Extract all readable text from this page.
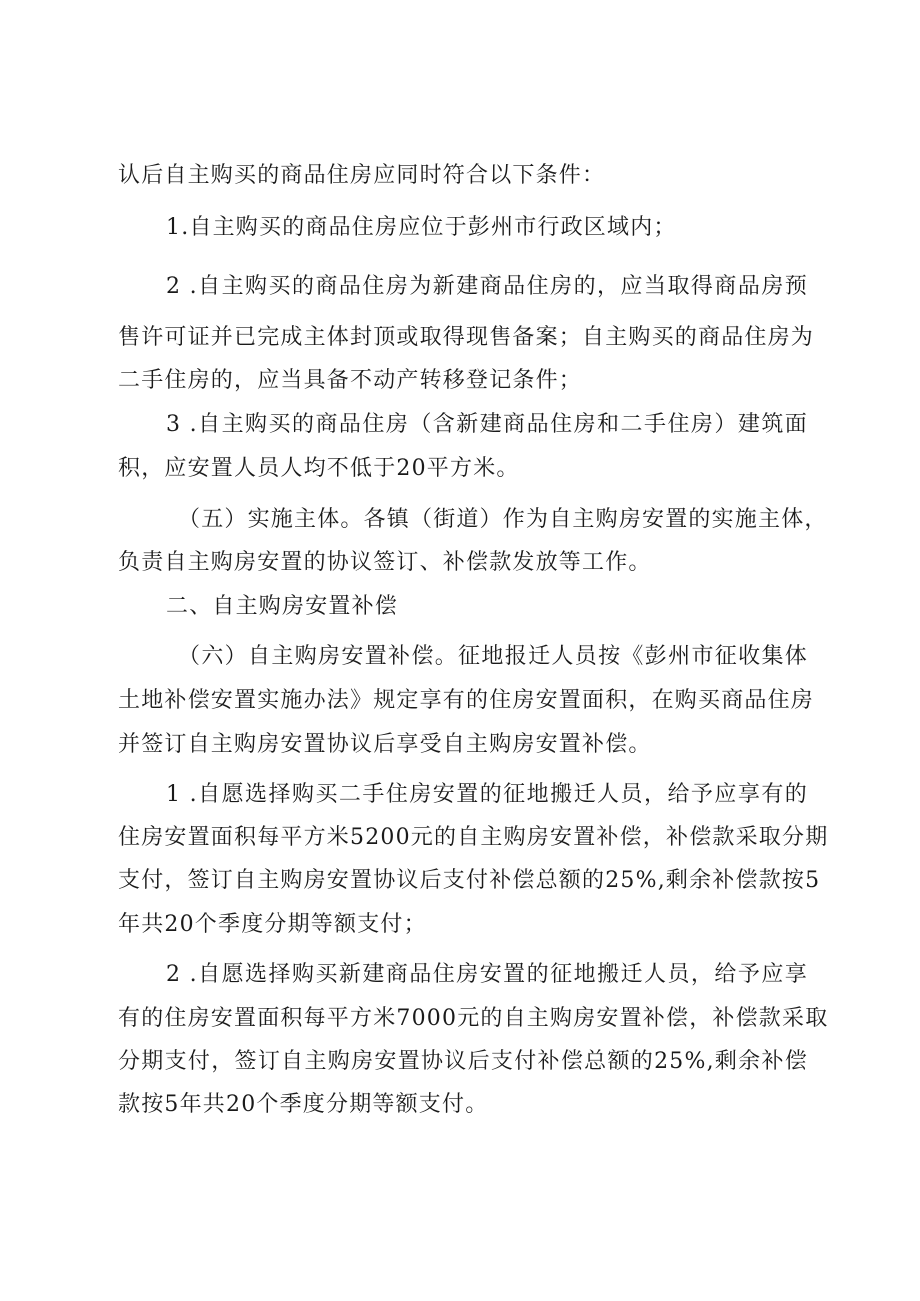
认后自主购买的商品住房应同时符合以下条件：
1.自主购买的商品住房应位于彭州市行政区域内；
2 .自主购买的商品住房为新建商品住房的，应当取得商品房预
售许可证并已完成主体封顶或取得现售备案；自主购买的商品住房为
二手住房的，应当具备不动产转移登记条件；
3 .自主购买的商品住房（含新建商品住房和二手住房）建筑面
积，应安置人员人均不低于20平方米。
（五）实施主体。各镇（街道）作为自主购房安置的实施主体，
负责自主购房安置的协议签订、补偿款发放等工作。
二、自主购房安置补偿
（六）自主购房安置补偿。征地报迁人员按《彭州市征收集体
土地补偿安置实施办法》规定享有的住房安置面积，在购买商品住房
并签订自主购房安置协议后享受自主购房安置补偿。
1 .自愿选择购买二手住房安置的征地搬迁人员，给予应享有的
住房安置面积每平方米5200元的自主购房安置补偿，补偿款采取分期
支付，签订自主购房安置协议后支付补偿总额的25%,剩余补偿款按5
年共20个季度分期等额支付；
2 .自愿选择购买新建商品住房安置的征地搬迁人员，给予应享
有的住房安置面积每平方米7000元的自主购房安置补偿，补偿款采取
分期支付，签订自主购房安置协议后支付补偿总额的25%,剩余补偿
款按5年共20个季度分期等额支付。
